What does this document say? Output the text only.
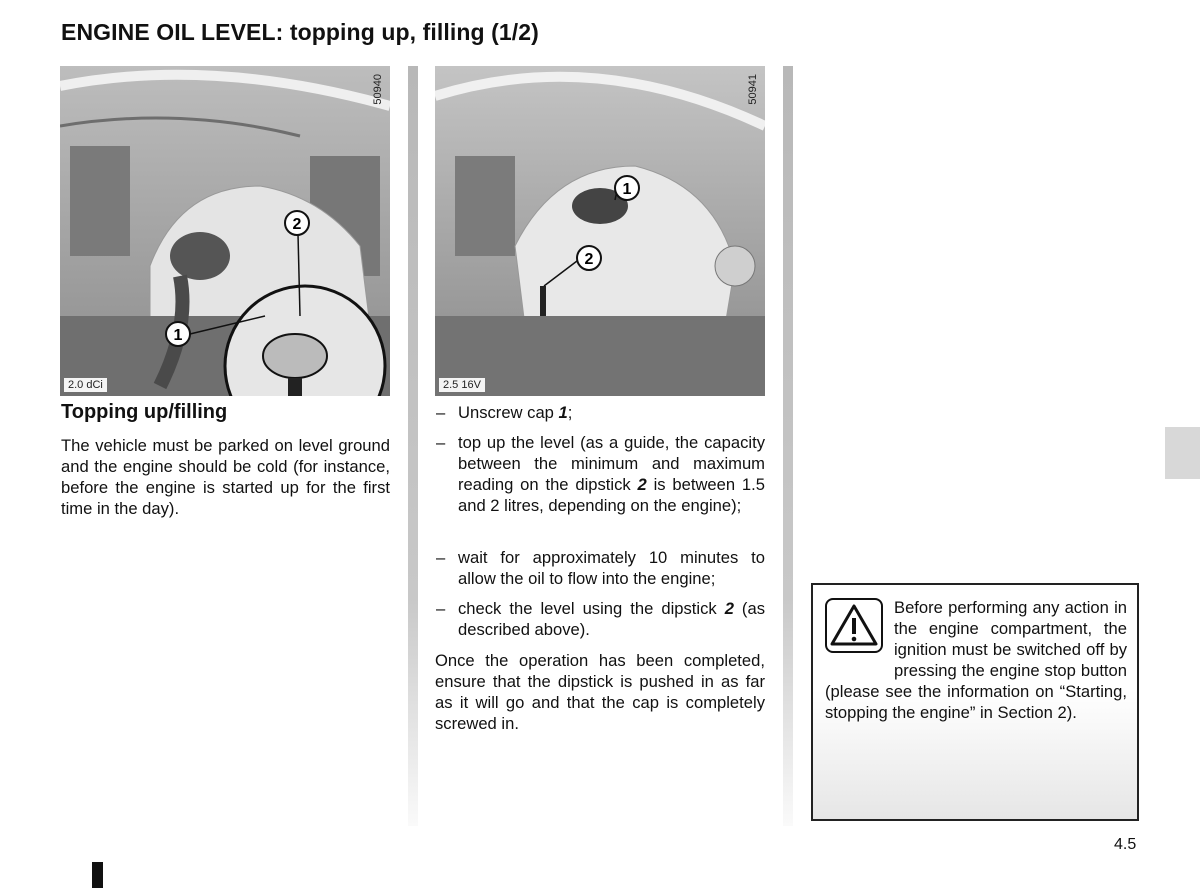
ENGINE OIL LEVEL: topping up, filling (1/2)
2
1
50940
2.0 dCi
1
2
50941
2.5 16V
Topping up/filling
The vehicle must be parked on level ground and the engine should be cold (for instance, before the engine is started up for the first time in the day).
– Unscrew cap 1;
– top up the level (as a guide, the capacity between the minimum and maximum reading on the dipstick 2 is between 1.5 and 2 litres, depending on the engine);
– wait for approximately 10 minutes to allow the oil to flow into the engine;
– check the level using the dipstick 2 (as described above).
Once the operation has been completed, ensure that the dipstick is pushed in as far as it will go and that the cap is completely screwed in.
Before performing any action in the engine compartment, the ignition must be switched off by pressing the engine stop button (please see the information on “Starting, stopping the engine” in Section 2).
4.5
